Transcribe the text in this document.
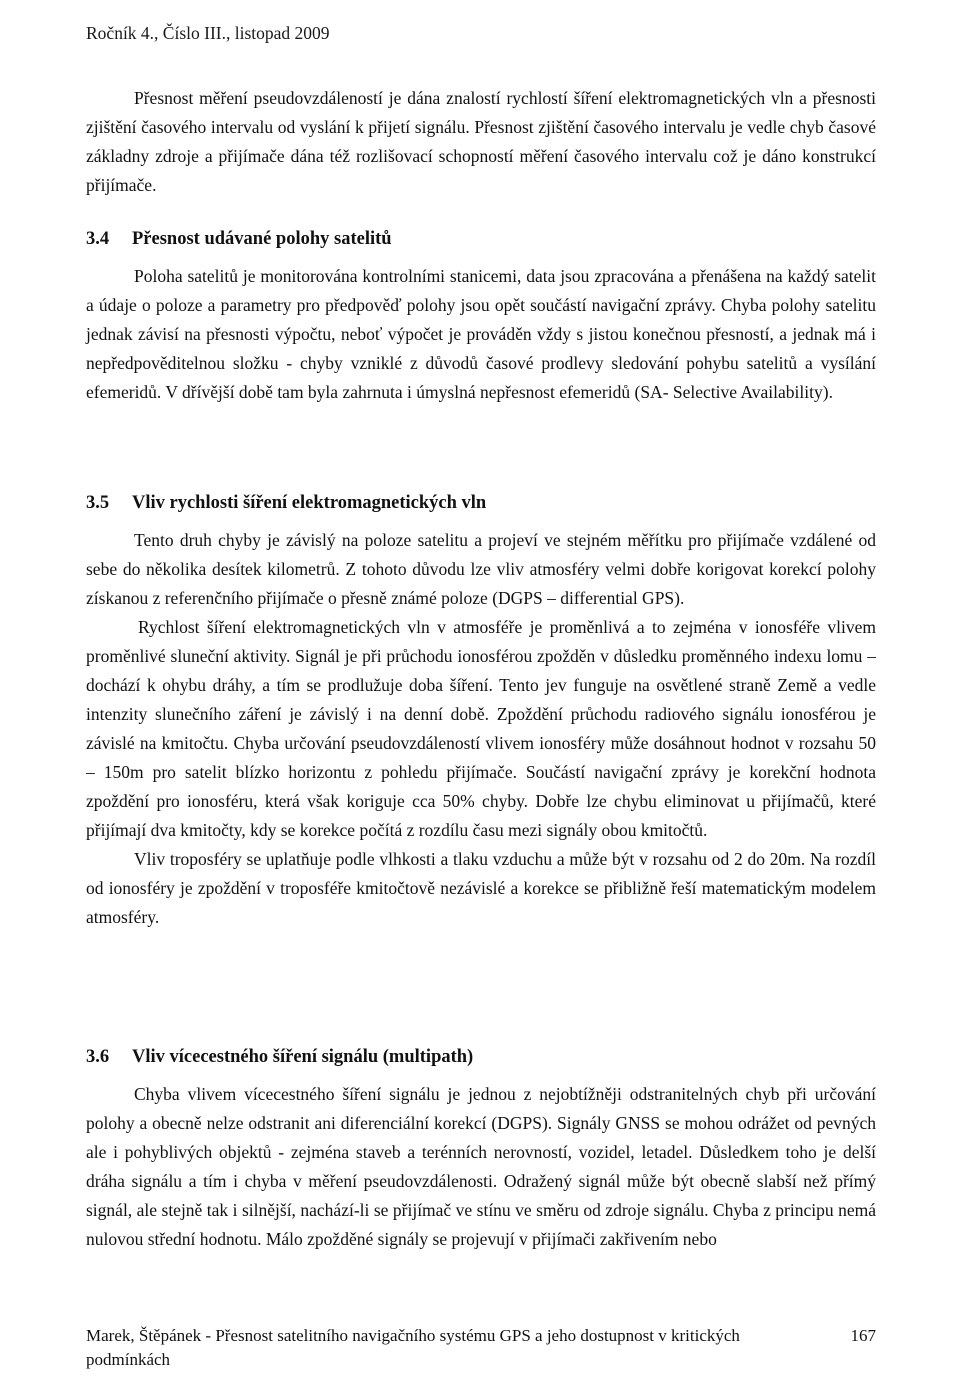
Ročník 4., Číslo III., listopad 2009

Přesnost měření pseudovzdáleností je dána znalostí rychlostí šíření elektromagnetických vln a přesnosti zjištění časového intervalu od vyslání k přijetí signálu. Přesnost zjištění časového intervalu je vedle chyb časové základny zdroje a přijímače dána též rozlišovací schopností měření časového intervalu což je dáno konstrukcí přijímače.

3.4 Přesnost udávané polohy satelitů

Poloha satelitů je monitorována kontrolními stanicemi, data jsou zpracována a přenášena na každý satelit a údaje o poloze a parametry pro předpověď polohy jsou opět součástí navigační zprávy. Chyba polohy satelitu jednak závisí na přesnosti výpočtu, neboť výpočet je prováděn vždy s jistou konečnou přesností, a jednak má i nepředpověditelnou složku - chyby vzniklé z důvodů časové prodlevy sledování pohybu satelitů a vysílání efemeridů. V dřívější době tam byla zahrnuta i úmyslná nepřesnost efemeridů (SA- Selective Availability).

3.5 Vliv rychlosti šíření elektromagnetických vln

Tento druh chyby je závislý na poloze satelitu a projeví ve stejném měřítku pro přijímače vzdálené od sebe do několika desítek kilometrů. Z tohoto důvodu lze vliv atmosféry velmi dobře korigovat korekcí polohy získanou z referenčního přijímače o přesně známé poloze (DGPS – differential GPS).

Rychlost šíření elektromagnetických vln v atmosféře je proměnlivá a to zejména v ionosféře vlivem proměnlivé sluneční aktivity. Signál je při průchodu ionosférou zpožděn v důsledku proměnného indexu lomu – dochází k ohybu dráhy, a tím se prodlužuje doba šíření. Tento jev funguje na osvětlené straně Země a vedle intenzity slunečního záření je závislý i na denní době. Zpoždění průchodu radiového signálu ionosférou je závislé na kmitočtu. Chyba určování pseudovzdáleností vlivem ionosféry může dosáhnout hodnot v rozsahu 50 – 150m pro satelit blízko horizontu z pohledu přijímače. Součástí navigační zprávy je korekční hodnota zpoždění pro ionosféru, která však koriguje cca 50% chyby. Dobře lze chybu eliminovat u přijímačů, které přijímají dva kmitočty, kdy se korekce počítá z rozdílu času mezi signály obou kmitočtů.

Vliv troposféry se uplatňuje podle vlhkosti a tlaku vzduchu a může být v rozsahu od 2 do 20m. Na rozdíl od ionosféry je zpoždění v troposféře kmitočtově nezávislé a korekce se přibližně řeší matematickým modelem atmosféry.

3.6 Vliv vícecestného šíření signálu (multipath)

Chyba vlivem vícecestného šíření signálu je jednou z nejobtížněji odstranitelných chyb při určování polohy a obecně nelze odstranit ani diferenciální korekcí (DGPS). Signály GNSS se mohou odrážet od pevných ale i pohyblivých objektů - zejména staveb a terénních nerovností, vozidel, letadel. Důsledkem toho je delší dráha signálu a tím i chyba v měření pseudovzdálenosti. Odražený signál může být obecně slabší než přímý signál, ale stejně tak i silnější, nachází-li se přijímač ve stínu ve směru od zdroje signálu. Chyba z principu nemá nulovou střední hodnotu. Málo zpožděné signály se projevují v přijímači zakřivením nebo

Marek, Štěpánek - Přesnost satelitního navigačního systému GPS a jeho dostupnost v kritických podmínkách
167
